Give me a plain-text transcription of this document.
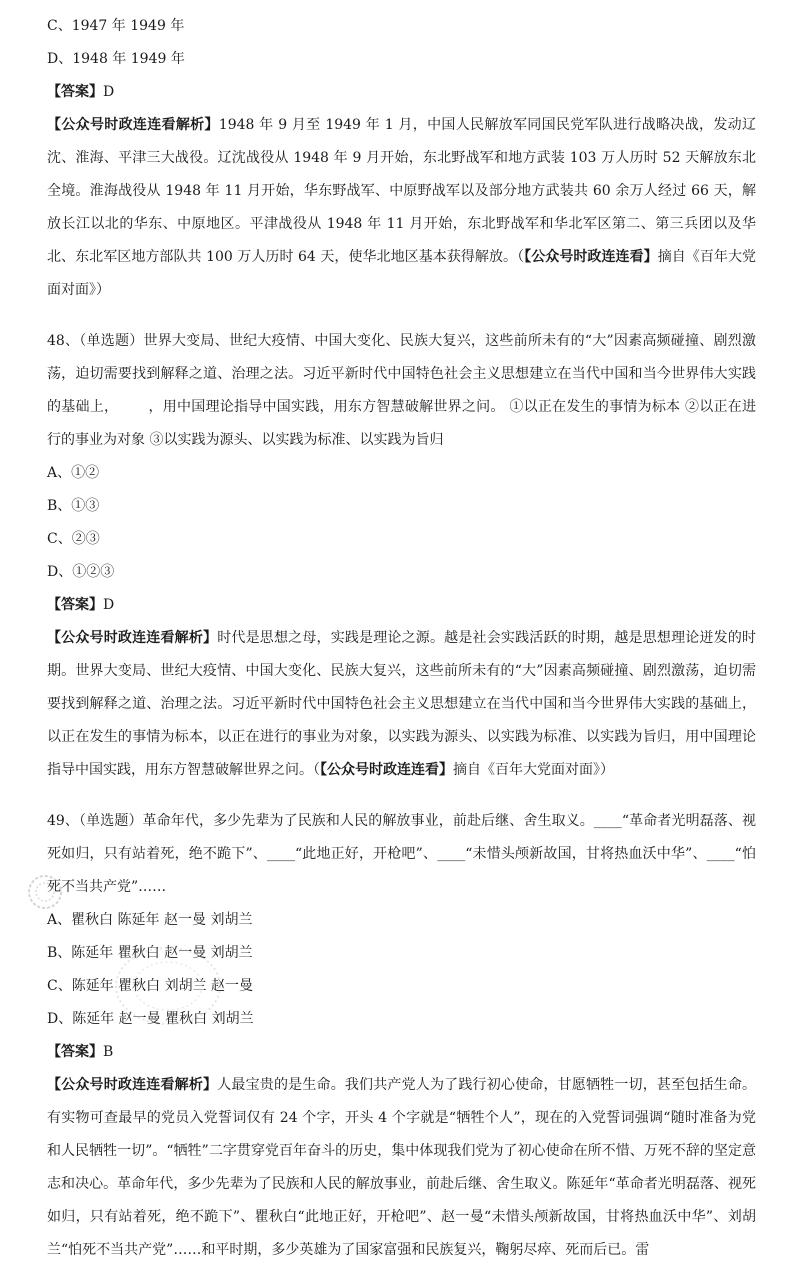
C、1947 年 1949 年
D、1948 年 1949 年
【答案】D
【公众号时政连连看解析】1948 年 9 月至 1949 年 1 月，中国人民解放军同国民党军队进行战略决战，发动辽沈、淮海、平津三大战役。辽沈战役从 1948 年 9 月开始，东北野战军和地方武装 103 万人历时 52 天解放东北全境。淮海战役从 1948 年 11 月开始，华东野战军、中原野战军以及部分地方武装共 60 余万人经过 66 天，解放长江以北的华东、中原地区。平津战役从 1948 年 11 月开始，东北野战军和华北军区第二、第三兵团以及华北、东北军区地方部队共 100 万人历时 64 天，使华北地区基本获得解放。（【公众号时政连连看】摘自《百年大党面对面》）
48、（单选题）世界大变局、世纪大疫情、中国大变化、民族大复兴，这些前所未有的“大”因素高频碰撞、剧烈激荡，迫切需要找到解释之道、治理之法。习近平新时代中国特色社会主义思想建立在当代中国和当今世界伟大实践的基础上， ，用中国理论指导中国实践，用东方智慧破解世界之问。 ①以正在发生的事情为标本 ②以正在进行的事业为对象 ③以实践为源头、以实践为标准、以实践为旨归
A、①②
B、①③
C、②③
D、①②③
【答案】D
【公众号时政连连看解析】时代是思想之母，实践是理论之源。越是社会实践活跃的时期，越是思想理论迸发的时期。世界大变局、世纪大疫情、中国大变化、民族大复兴，这些前所未有的“大”因素高频碰撞、剧烈激荡，迫切需要找到解释之道、治理之法。习近平新时代中国特色社会主义思想建立在当代中国和当今世界伟大实践的基础上，以正在发生的事情为标本，以正在进行的事业为对象，以实践为源头、以实践为标准、以实践为旨归，用中国理论指导中国实践，用东方智慧破解世界之问。（【公众号时政连连看】摘自《百年大党面对面》）
49、（单选题）革命年代，多少先辈为了民族和人民的解放事业，前赴后继、舍生取义。____“革命者光明磊落、视死如归，只有站着死，绝不跪下”、____“此地正好，开枪吧”、____“未惜头颅新故国，甘将热血沃中华”、____“怕死不当共产党”……
A、瞿秋白 陈延年 赵一曼 刘胡兰
B、陈延年 瞿秋白 赵一曼 刘胡兰
C、陈延年 瞿秋白 刘胡兰 赵一曼
D、陈延年 赵一曼 瞿秋白 刘胡兰
【答案】B
【公众号时政连连看解析】人最宝贵的是生命。我们共产党人为了践行初心使命，甘愿牺牲一切，甚至包括生命。有实物可查最早的党员入党誓词仅有 24 个字，开头 4 个字就是“牺牲个人”，现在的入党誓词强调“随时准备为党和人民牺牲一切”。“牺牲”二字贯穿党百年奋斗的历史，集中体现我们党为了初心使命在所不惜、万死不辞的坚定意志和决心。革命年代，多少先辈为了民族和人民的解放事业，前赴后继、舍生取义。陈延年“革命者光明磊落、视死如归，只有站着死，绝不跪下”、瞿秋白“此地正好，开枪吧”、赵一曼“未惜头颅新故国，甘将热血沃中华”、刘胡兰“怕死不当共产党”……和平时期，多少英雄为了国家富强和民族复兴，鞠躬尽瘁、死而后已。雷
